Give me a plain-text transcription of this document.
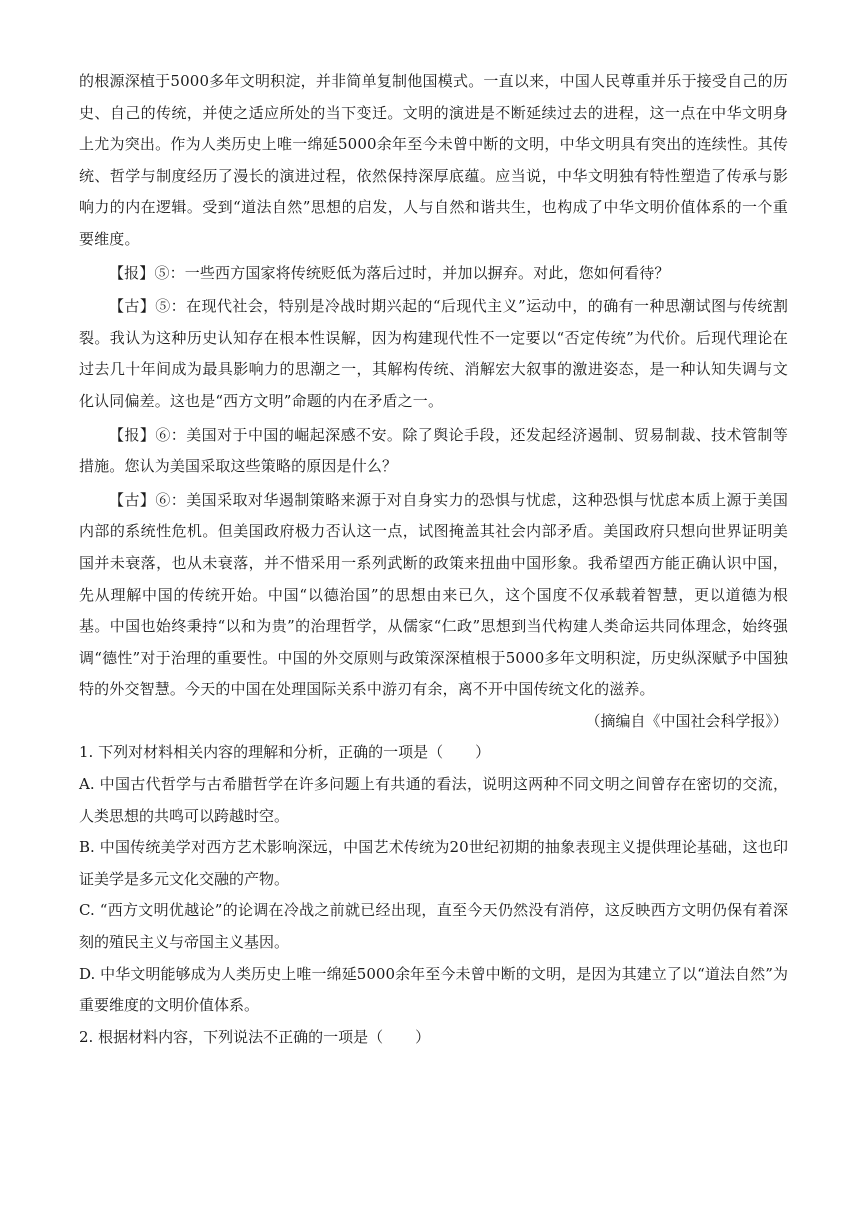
的根源深植于5000多年文明积淀，并非简单复制他国模式。一直以来，中国人民尊重并乐于接受自己的历史、自己的传统，并使之适应所处的当下变迁。文明的演进是不断延续过去的进程，这一点在中华文明身上尤为突出。作为人类历史上唯一绵延5000余年至今未曾中断的文明，中华文明具有突出的连续性。其传统、哲学与制度经历了漫长的演进过程，依然保持深厚底蕴。应当说，中华文明独有特性塑造了传承与影响力的内在逻辑。受到“道法自然”思想的启发，人与自然和谐共生，也构成了中华文明价值体系的一个重要维度。

【报】⑤：一些西方国家将传统贬低为落后过时，并加以摒弃。对此，您如何看待？

【古】⑤：在现代社会，特别是冷战时期兴起的“后现代主义”运动中，的确有一种思潮试图与传统割裂。我认为这种历史认知存在根本性误解，因为构建现代性不一定要以“否定传统”为代价。后现代理论在过去几十年间成为最具影响力的思潮之一，其解构传统、消解宏大叙事的激进姿态，是一种认知失调与文化认同偏差。这也是“西方文明”命题的内在矛盾之一。

【报】⑥：美国对于中国的崛起深感不安。除了舆论手段，还发起经济遏制、贸易制裁、技术管制等措施。您认为美国采取这些策略的原因是什么？

【古】⑥：美国采取对华遏制策略来源于对自身实力的恐惧与忧虑，这种恐惧与忧虑本质上源于美国内部的系统性危机。但美国政府极力否认这一点，试图掩盖其社会内部矛盾。美国政府只想向世界证明美国并未衰落，也从未衰落，并不惜采用一系列武断的政策来扭曲中国形象。我希望西方能正确认识中国，先从理解中国的传统开始。中国“以德治国”的思想由来已久，这个国度不仅承载着智慧，更以道德为根基。中国也始终秉持“以和为贵”的治理哲学，从儒家“仁政”思想到当代构建人类命运共同体理念，始终强调“德性”对于治理的重要性。中国的外交原则与政策深深植根于5000多年文明积淀，历史纵深赋予中国独特的外交智慧。今天的中国在处理国际关系中游刃有余，离不开中国传统文化的滋养。

（摘编自《中国社会科学报》）

1. 下列对材料相关内容的理解和分析，正确的一项是（ ）

A. 中国古代哲学与古希腊哲学在许多问题上有共通的看法，说明这两种不同文明之间曾存在密切的交流，人类思想的共鸣可以跨越时空。

B. 中国传统美学对西方艺术影响深远，中国艺术传统为20世纪初期的抽象表现主义提供理论基础，这也印证美学是多元文化交融的产物。

C. “西方文明优越论”的论调在冷战之前就已经出现，直至今天仍然没有消停，这反映西方文明仍保有着深刻的殖民主义与帝国主义基因。

D. 中华文明能够成为人类历史上唯一绵延5000余年至今未曾中断的文明，是因为其建立了以“道法自然”为重要维度的文明价值体系。

2. 根据材料内容，下列说法不正确的一项是（ ）
